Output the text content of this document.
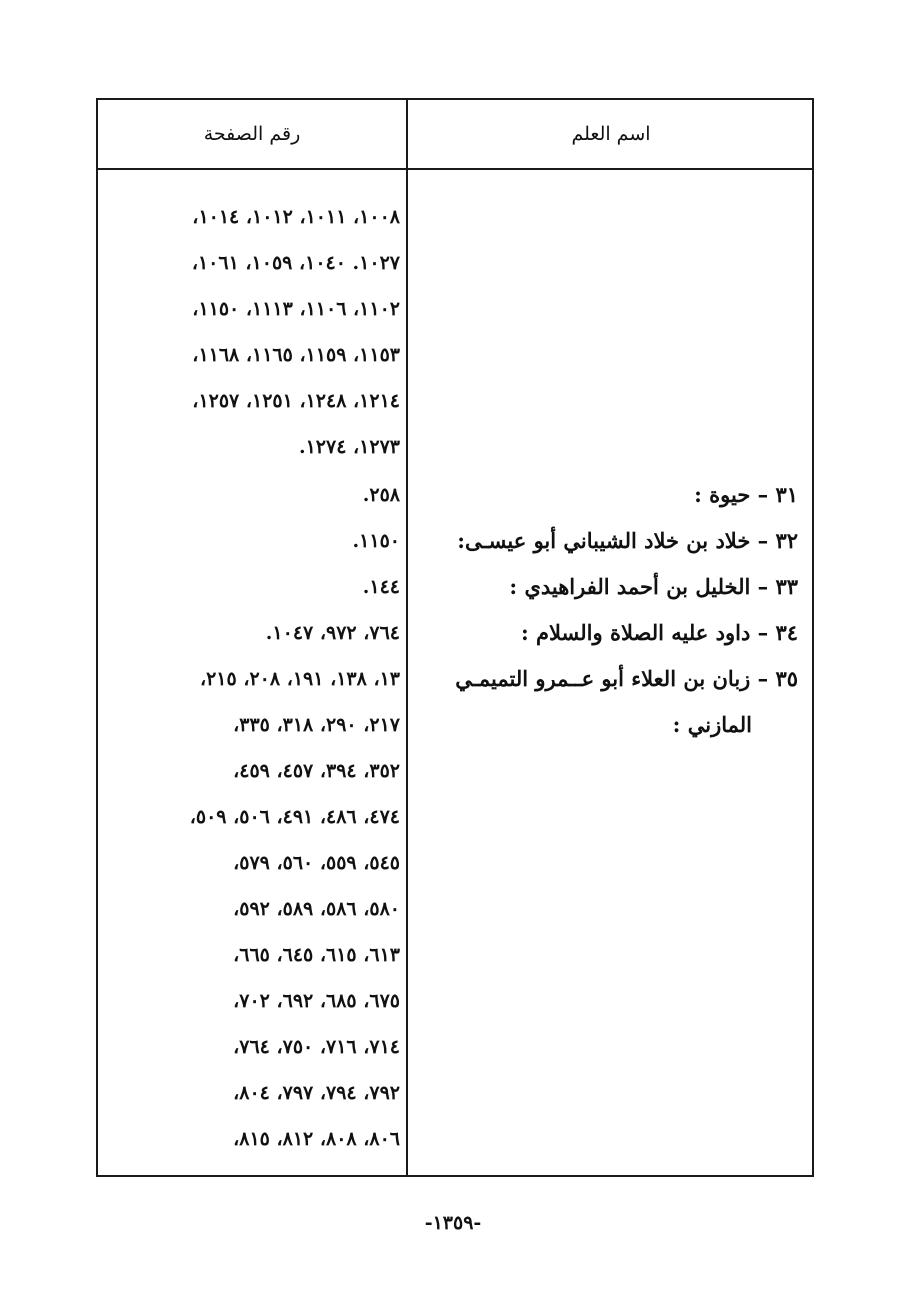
اسم العلم
رقم الصفحة
٣١ – حيوة :
٣٢ – خلاد بن خلاد الشيباني أبو عيسـى:
٣٣ – الخليل بن أحمد الفراهيدي :
٣٤ – داود عليه الصلاة والسلام :
٣٥ – زبان بن العلاء أبو عــمرو التميمـي
المازني :
١٠٠٨، ١٠١١، ١٠١٢، ١٠١٤،
١٠٢٧. ١٠٤٠، ١٠٥٩، ١٠٦١،
١١٠٢، ١١٠٦، ١١١٣، ١١٥٠،
١١٥٣، ١١٥٩، ١١٦٥، ١١٦٨،
١٢١٤، ١٢٤٨، ١٢٥١، ١٢٥٧،
١٢٧٣، ١٢٧٤.
٢٥٨.
١١٥٠.
١٤٤.
٧٦٤، ٩٧٢، ١٠٤٧.
١٣، ١٣٨، ١٩١، ٢٠٨، ٢١٥،
٢١٧، ٢٩٠، ٣١٨، ٣٣٥،
٣٥٢، ٣٩٤، ٤٥٧، ٤٥٩،
٤٧٤، ٤٨٦، ٤٩١، ٥٠٦، ٥٠٩،
٥٤٥، ٥٥٩، ٥٦٠، ٥٧٩،
٥٨٠، ٥٨٦، ٥٨٩، ٥٩٢،
٦١٣، ٦١٥، ٦٤٥، ٦٦٥،
٦٧٥، ٦٨٥، ٦٩٢، ٧٠٢،
٧١٤، ٧١٦، ٧٥٠، ٧٦٤،
٧٩٢، ٧٩٤، ٧٩٧، ٨٠٤،
٨٠٦، ٨٠٨، ٨١٢، ٨١٥،
-١٣٥٩-
